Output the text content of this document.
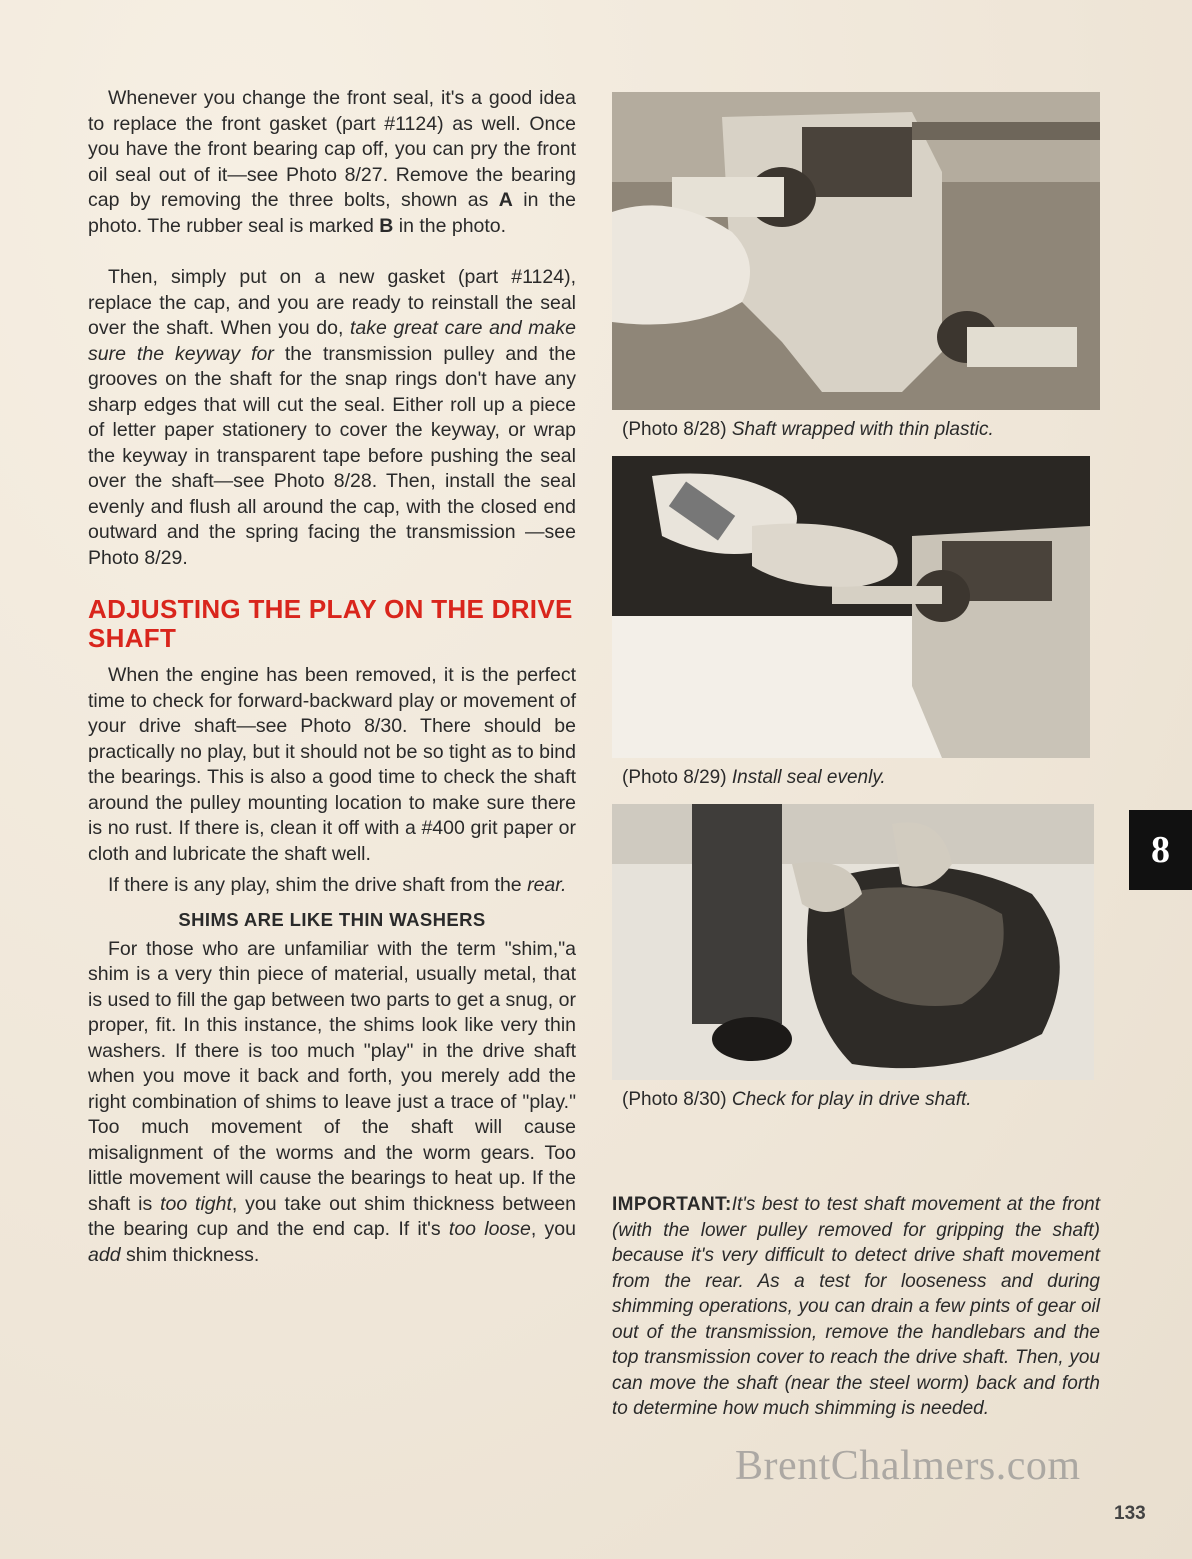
Whenever you change the front seal, it's a good idea to replace the front gasket (part #1124) as well. Once you have the front bearing cap off, you can pry the front oil seal out of it—see Photo 8/27. Remove the bearing cap by removing the three bolts, shown as A in the photo. The rubber seal is marked B in the photo.

Then, simply put on a new gasket (part #1124), replace the cap, and you are ready to reinstall the seal over the shaft. When you do, take great care and make sure the keyway for the transmission pulley and the grooves on the shaft for the snap rings don't have any sharp edges that will cut the seal. Either roll up a piece of letter paper stationery to cover the keyway, or wrap the keyway in transparent tape before pushing the seal over the shaft—see Photo 8/28. Then, install the seal evenly and flush all around the cap, with the closed end outward and the spring facing the transmission —see Photo 8/29.

ADJUSTING THE PLAY ON THE DRIVE SHAFT

When the engine has been removed, it is the perfect time to check for forward-backward play or movement of your drive shaft—see Photo 8/30. There should be practically no play, but it should not be so tight as to bind the bearings. This is also a good time to check the shaft around the pulley mounting location to make sure there is no rust. If there is, clean it off with a #400 grit paper or cloth and lubricate the shaft well.

If there is any play, shim the drive shaft from the rear.

SHIMS ARE LIKE THIN WASHERS

For those who are unfamiliar with the term "shim,"a shim is a very thin piece of material, usually metal, that is used to fill the gap between two parts to get a snug, or proper, fit. In this instance, the shims look like very thin washers. If there is too much "play" in the drive shaft when you move it back and forth, you merely add the right combination of shims to leave just a trace of "play." Too much movement of the shaft will cause misalignment of the worms and the worm gears. Too little movement will cause the bearings to heat up. If the shaft is too tight, you take out shim thickness between the bearing cup and the end cap. If it's too loose, you add shim thickness.

(Photo 8/28) Shaft wrapped with thin plastic.
(Photo 8/29) Install seal evenly.
(Photo 8/30) Check for play in drive shaft.

IMPORTANT:It's best to test shaft movement at the front (with the lower pulley removed for gripping the shaft) because it's very difficult to detect drive shaft movement from the rear. As a test for looseness and during shimming operations, you can drain a few pints of gear oil out of the transmission, remove the handlebars and the top transmission cover to reach the drive shaft. Then, you can move the shaft (near the steel worm) back and forth to determine how much shimming is needed.

8
BrentChalmers.com
133
